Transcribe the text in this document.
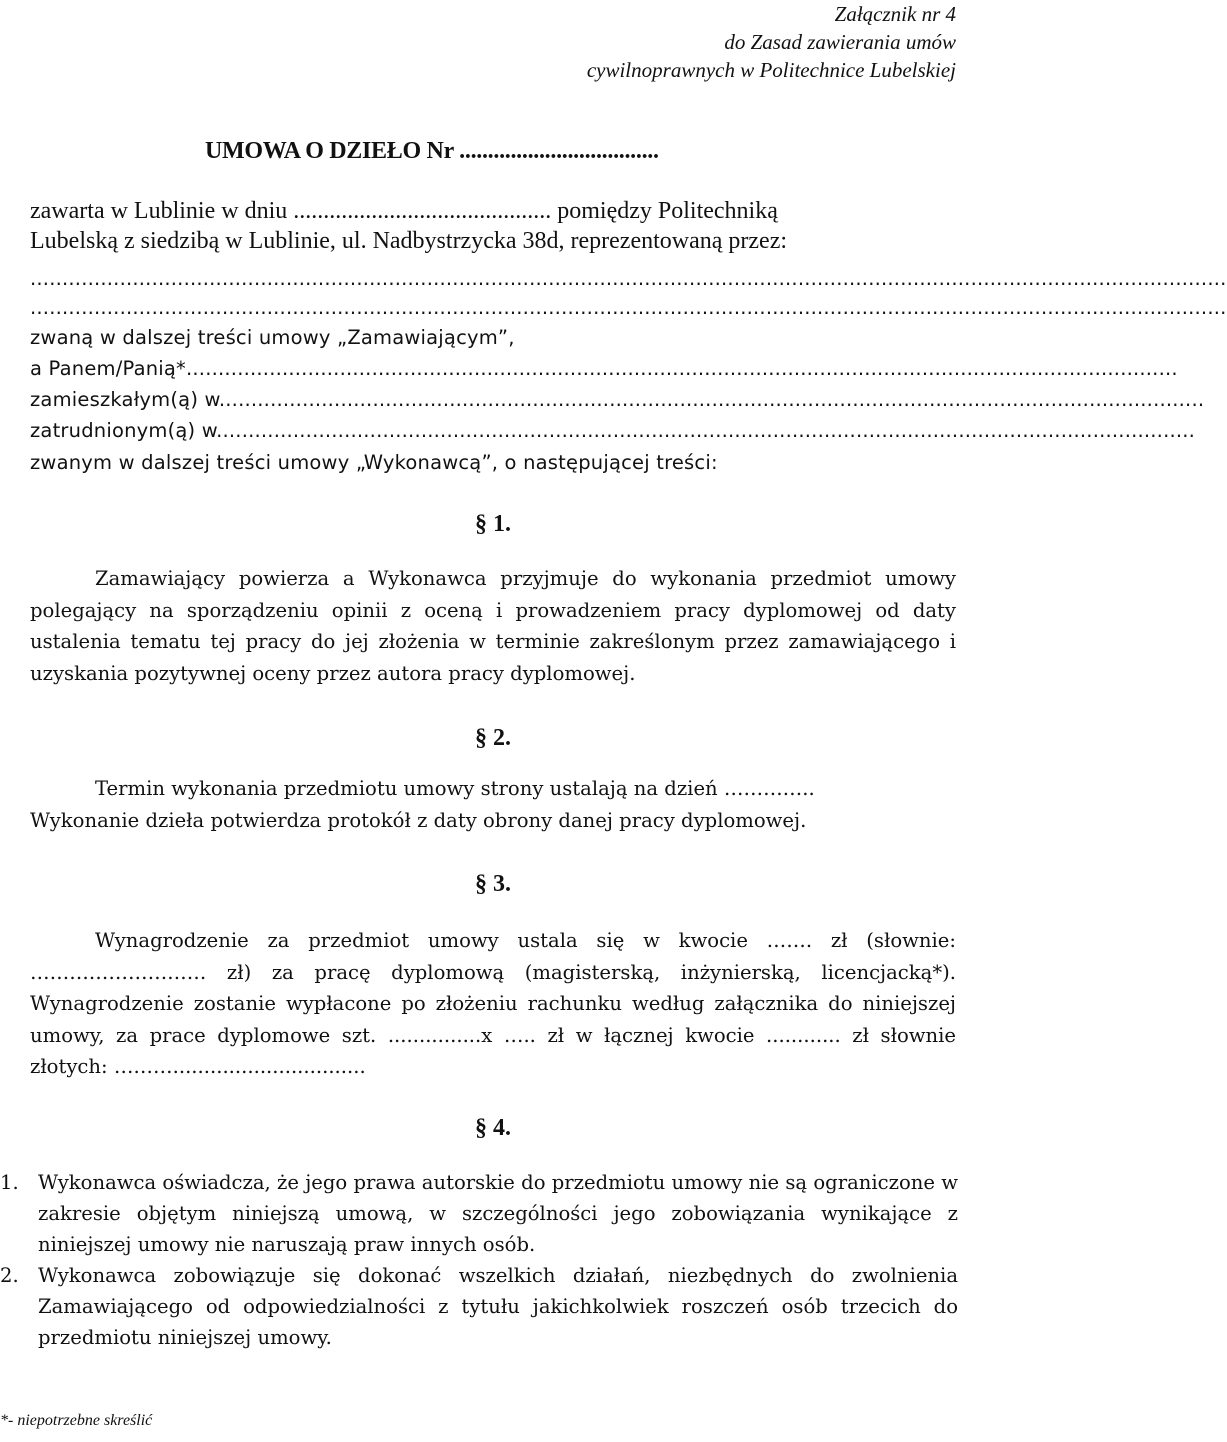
Załącznik nr 4
do Zasad zawierania umów
cywilnoprawnych w Politechnice Lubelskiej
UMOWA O DZIEŁO Nr ...................................
zawarta w Lublinie w dniu ........................................... pomiędzy Politechniką
Lubelską z siedzibą w Lublinie, ul. Nadbystrzycka 38d, reprezentowaną przez:
...........................................................................................................................................................................................
...........................................................................................................................................................................................
zwaną w dalszej treści umowy „Zamawiającym”,
a Panem/Panią*...........................................................................................................................................................
zamieszkałym(ą) w..........................................................................................................................................................
zatrudnionym(ą) w.........................................................................................................................................................
zwanym w dalszej treści umowy „Wykonawcą”, o następującej treści:
§ 1.
Zamawiający powierza a Wykonawca przyjmuje do wykonania przedmiot umowy polegający na sporządzeniu opinii z oceną i prowadzeniem pracy dyplomowej od daty ustalenia tematu tej pracy do jej złożenia w terminie zakreślonym przez zamawiającego i uzyskania pozytywnej oceny przez autora pracy dyplomowej.
§ 2.
Termin wykonania przedmiotu umowy strony ustalają na dzień …………..
Wykonanie dzieła potwierdza protokół z daty obrony danej pracy dyplomowej.
§ 3.
Wynagrodzenie za przedmiot umowy ustala się w kwocie ……. zł (słownie: ……………………… zł) za pracę dyplomową (magisterską, inżynierską, licencjacką*). Wynagrodzenie zostanie wypłacone po złożeniu rachunku według załącznika do niniejszej umowy, za prace dyplomowe szt. ...............x ….. zł w łącznej kwocie ............ zł słownie złotych: ………...............................
§ 4.
1. Wykonawca oświadcza, że jego prawa autorskie do przedmiotu umowy nie są ograniczone w zakresie objętym niniejszą umową, w szczególności jego zobowiązania wynikające z niniejszej umowy nie naruszają praw innych osób.
2. Wykonawca zobowiązuje się dokonać wszelkich działań, niezbędnych do zwolnienia Zamawiającego od odpowiedzialności z tytułu jakichkolwiek roszczeń osób trzecich do przedmiotu niniejszej umowy.
*- niepotrzebne skreślić
